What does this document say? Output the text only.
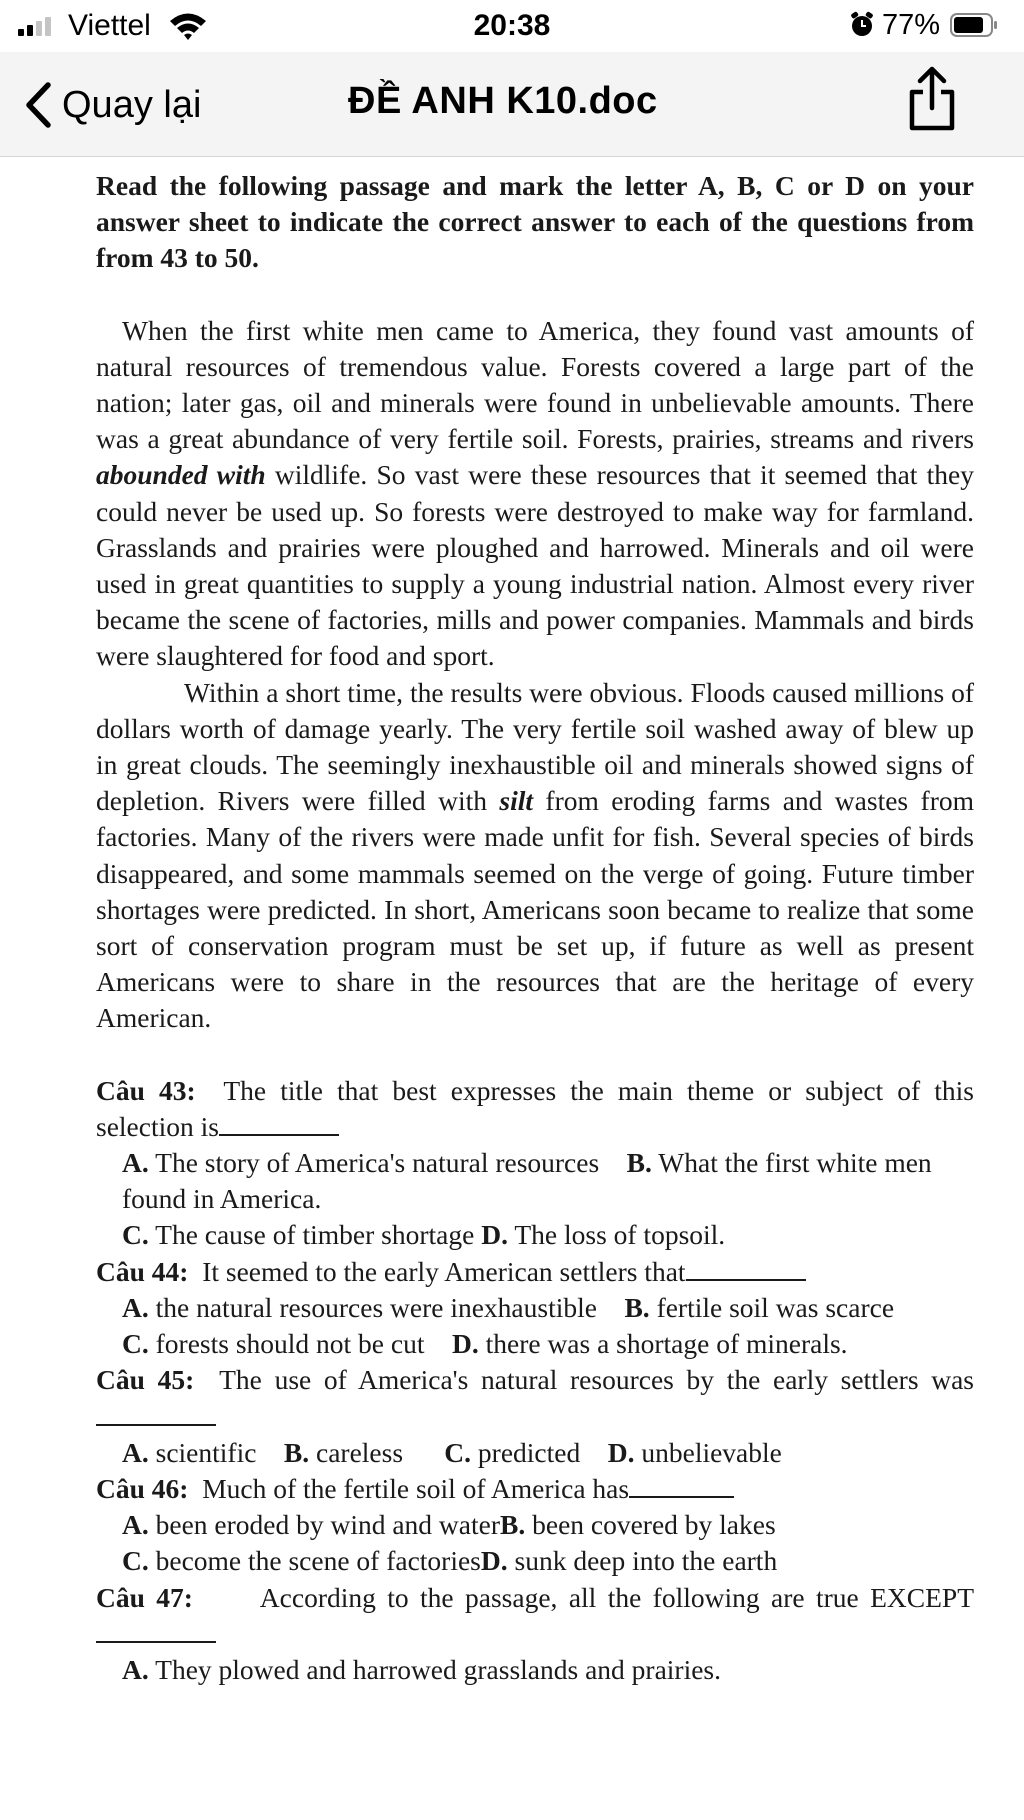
Viettel	20:38	77%
Quay lại	ĐỀ ANH K10.doc

Read the following passage and mark the letter A, B, C or D on your answer sheet to indicate the correct answer to each of the questions from from 43 to 50.

When the first white men came to America, they found vast amounts of natural resources of tremendous value. Forests covered a large part of the nation; later gas, oil and minerals were found in unbelievable amounts. There was a great abundance of very fertile soil. Forests, prairies, streams and rivers abounded with wildlife. So vast were these resources that it seemed that they could never be used up. So forests were destroyed to make way for farmland. Grasslands and prairies were ploughed and harrowed. Minerals and oil were used in great quantities to supply a young industrial nation. Almost every river became the scene of factories, mills and power companies. Mammals and birds were slaughtered for food and sport.

Within a short time, the results were obvious. Floods caused millions of dollars worth of damage yearly. The very fertile soil washed away of blew up in great clouds. The seemingly inexhaustible oil and minerals showed signs of depletion. Rivers were filled with silt from eroding farms and wastes from factories. Many of the rivers were made unfit for fish. Several species of birds disappeared, and some mammals seemed on the verge of going. Future timber shortages were predicted. In short, Americans soon became to realize that some sort of conservation program must be set up, if future as well as present Americans were to share in the resources that are the heritage of every American.

Câu 43: The title that best expresses the main theme or subject of this selection is

A. The story of America's natural resources B. What the first white men found in America.

C. The cause of timber shortage D. The loss of topsoil.

Câu 44: It seemed to the early American settlers that

A. the natural resources were inexhaustible B. fertile soil was scarce

C. forests should not be cut D. there was a shortage of minerals.

Câu 45: The use of America's natural resources by the early settlers was

A. scientific B. careless C. predicted D. unbelievable

Câu 46: Much of the fertile soil of America has

A. been eroded by wind and waterB. been covered by lakes

C. become the scene of factoriesD. sunk deep into the earth

Câu 47: According to the passage, all the following are true EXCEPT

A. They plowed and harrowed grasslands and prairies.
